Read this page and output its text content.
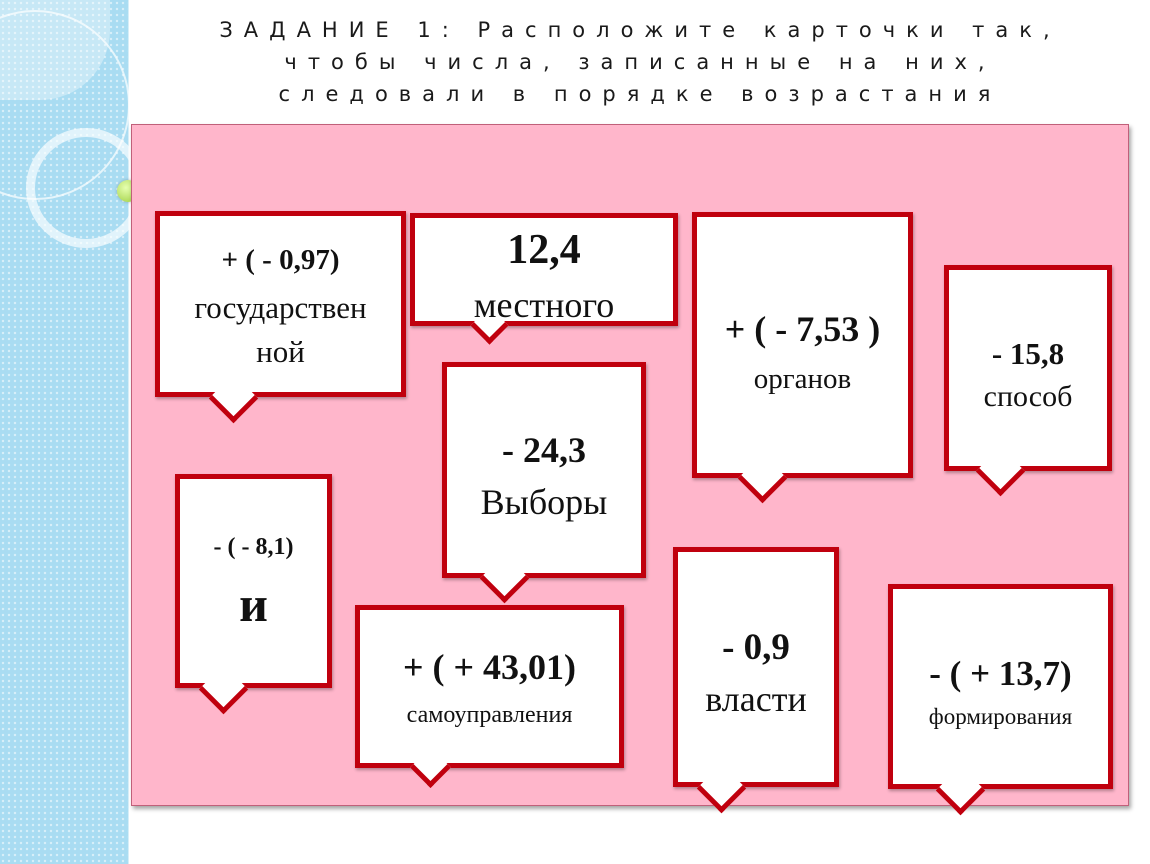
ЗАДАНИЕ 1: Расположите карточки так,
чтобы числа, записанные на них,
следовали в порядке возрастания
+ ( - 0,97)
государствен
ной
12,4
местного
+ ( - 7,53 )
органов
- 15,8
способ
- 24,3
Выборы
- ( - 8,1)
и
+ ( + 43,01)
самоуправления
- 0,9
власти
- ( + 13,7)
формирования
